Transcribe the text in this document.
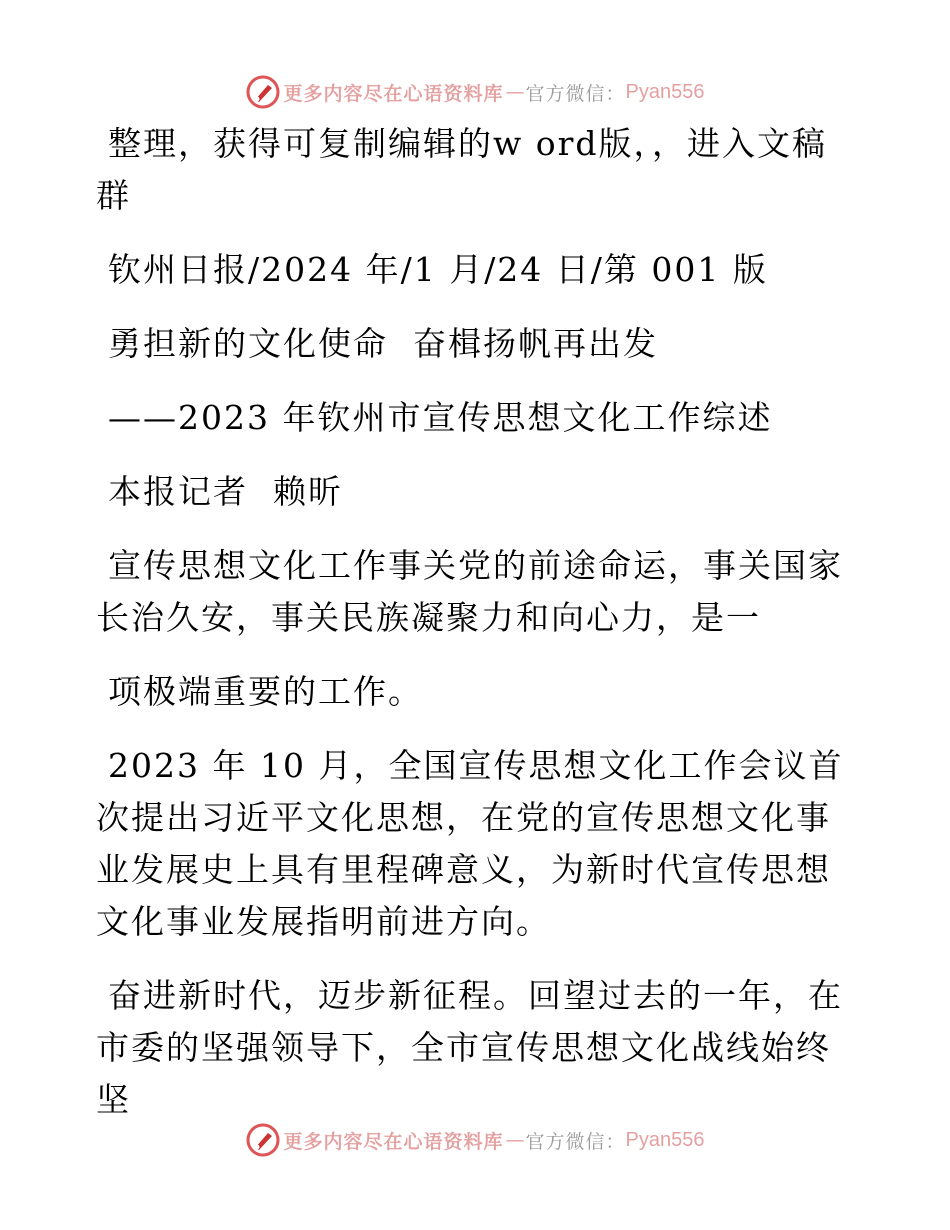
更多内容尽在心语资料库 — 官方微信： Pyan556

整理，获得可复制编辑的w ord版，，进入文稿群

钦州日报/2024 年/1 月/24 日/第 001 版

勇担新的文化使命  奋楫扬帆再出发

——2023 年钦州市宣传思想文化工作综述

本报记者  赖昕

宣传思想文化工作事关党的前途命运，事关国家长治久安，事关民族凝聚力和向心力，是一

项极端重要的工作。

2023 年 10 月，全国宣传思想文化工作会议首次提出习近平文化思想，在党的宣传思想文化事业发展史上具有里程碑意义，为新时代宣传思想文化事业发展指明前进方向。

奋进新时代，迈步新征程。回望过去的一年，在市委的坚强领导下，全市宣传思想文化战线始终坚

更多内容尽在心语资料库 — 官方微信： Pyan556
